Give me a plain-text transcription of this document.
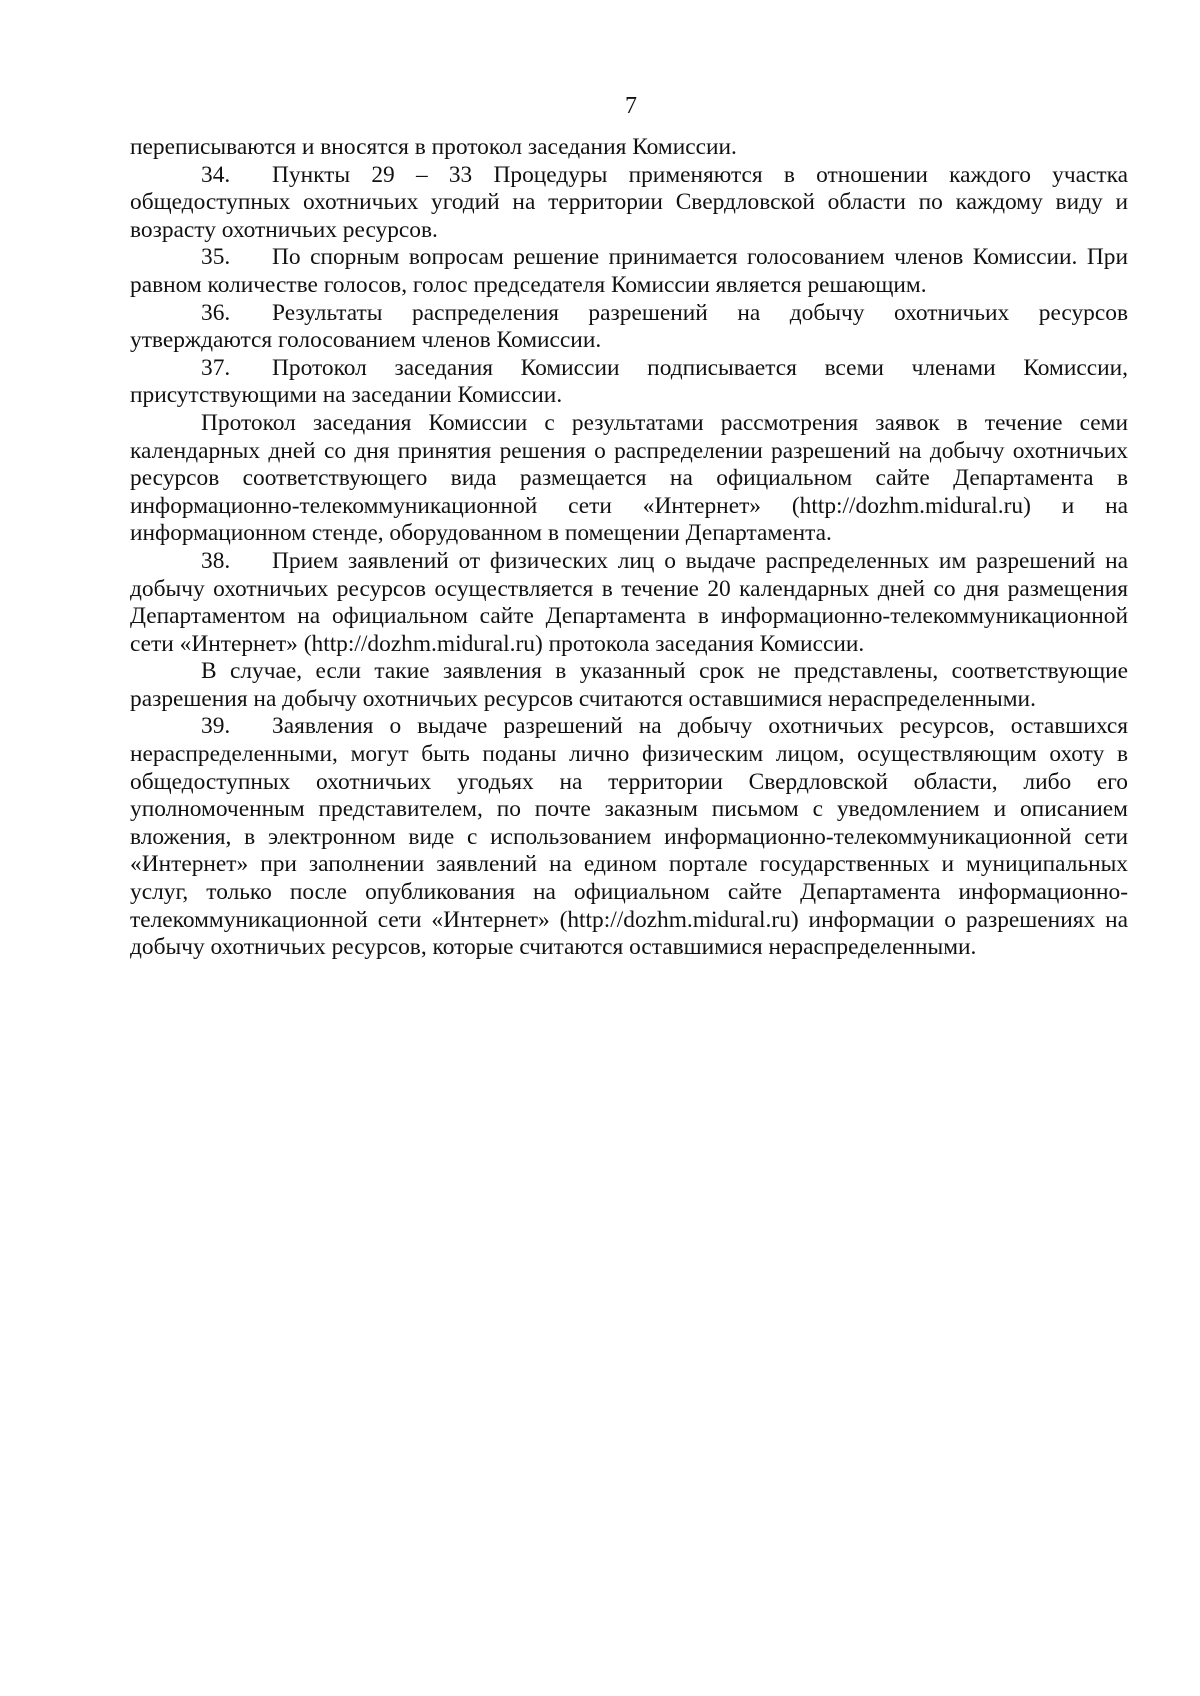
7

переписываются и вносятся в протокол заседания Комиссии.

34. Пункты 29 – 33 Процедуры применяются в отношении каждого участка общедоступных охотничьих угодий на территории Свердловской области по каждому виду и возрасту охотничьих ресурсов.

35. По спорным вопросам решение принимается голосованием членов Комиссии. При равном количестве голосов, голос председателя Комиссии является решающим.

36. Результаты распределения разрешений на добычу охотничьих ресурсов утверждаются голосованием членов Комиссии.

37. Протокол заседания Комиссии подписывается всеми членами Комиссии, присутствующими на заседании Комиссии.

Протокол заседания Комиссии с результатами рассмотрения заявок в течение семи календарных дней со дня принятия решения о распределении разрешений на добычу охотничьих ресурсов соответствующего вида размещается на официальном сайте Департамента в информационно-телекоммуникационной сети «Интернет» (http://dozhm.midural.ru) и на информационном стенде, оборудованном в помещении Департамента.

38. Прием заявлений от физических лиц о выдаче распределенных им разрешений на добычу охотничьих ресурсов осуществляется в течение 20 календарных дней со дня размещения Департаментом на официальном сайте Департамента в информационно-телекоммуникационной сети «Интернет» (http://dozhm.midural.ru) протокола заседания Комиссии.

В случае, если такие заявления в указанный срок не представлены, соответствующие разрешения на добычу охотничьих ресурсов считаются оставшимися нераспределенными.

39. Заявления о выдаче разрешений на добычу охотничьих ресурсов, оставшихся нераспределенными, могут быть поданы лично физическим лицом, осуществляющим охоту в общедоступных охотничьих угодьях на территории Свердловской области, либо его уполномоченным представителем, по почте заказным письмом с уведомлением и описанием вложения, в электронном виде с использованием информационно-телекоммуникационной сети «Интернет» при заполнении заявлений на едином портале государственных и муниципальных услуг, только после опубликования на официальном сайте Департамента информационно-телекоммуникационной сети «Интернет» (http://dozhm.midural.ru) информации о разрешениях на добычу охотничьих ресурсов, которые считаются оставшимися нераспределенными.
